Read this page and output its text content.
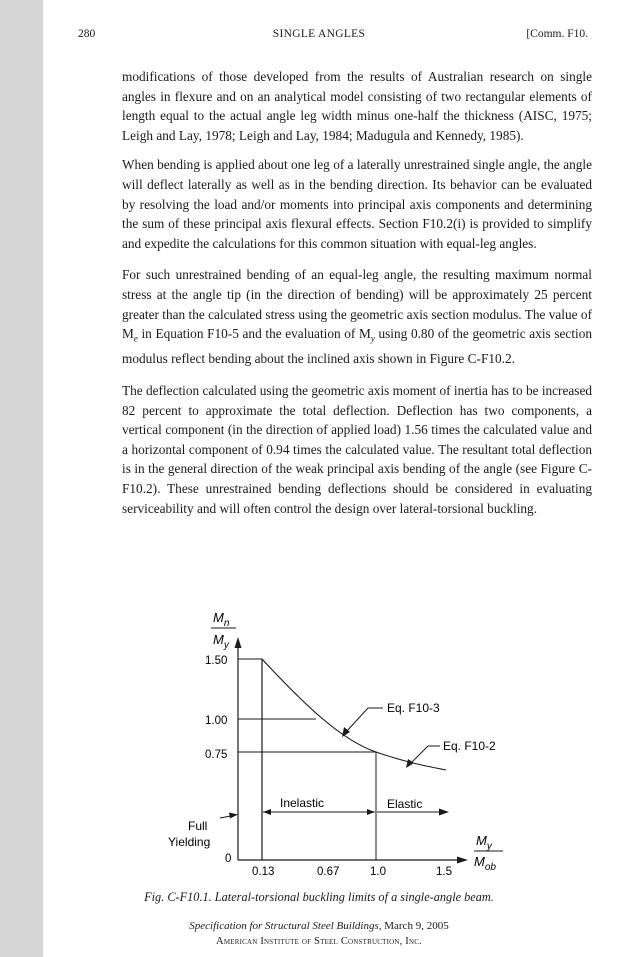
280	SINGLE ANGLES	[Comm. F10.

modifications of those developed from the results of Australian research on single angles in flexure and on an analytical model consisting of two rectangular elements of length equal to the actual angle leg width minus one-half the thickness (AISC, 1975; Leigh and Lay, 1978; Leigh and Lay, 1984; Madugula and Kennedy, 1985).

When bending is applied about one leg of a laterally unrestrained single angle, the angle will deflect laterally as well as in the bending direction. Its behavior can be evaluated by resolving the load and/or moments into principal axis components and determining the sum of these principal axis flexural effects. Section F10.2(i) is provided to simplify and expedite the calculations for this common situation with equal-leg angles.

For such unrestrained bending of an equal-leg angle, the resulting maximum normal stress at the angle tip (in the direction of bending) will be approximately 25 percent greater than the calculated stress using the geometric axis section modulus. The value of $M_e$ in Equation F10-5 and the evaluation of $M_y$ using 0.80 of the geometric axis section modulus reflect bending about the inclined axis shown in Figure C-F10.2.

The deflection calculated using the geometric axis moment of inertia has to be increased 82 percent to approximate the total deflection. Deflection has two components, a vertical component (in the direction of applied load) 1.56 times the calculated value and a horizontal component of 0.94 times the calculated value. The resultant total deflection is in the general direction of the weak principal axis bending of the angle (see Figure C-F10.2). These unrestrained bending deflections should be considered in evaluating serviceability and will often control the design over lateral-torsional buckling.

$M_n$
$M_y$
1.50
1.00
0.75
Eq. F10-3
Eq. F10-2
Inelastic	Elastic
Full
Yielding
0
0.13	0.67	1.0	1.5
$M_y$
$M_{ob}$
Fig. C-F10.1. Lateral-torsional buckling limits of a single-angle beam.
Specification for Structural Steel Buildings, March 9, 2005
American Institute of Steel Construction, Inc.
